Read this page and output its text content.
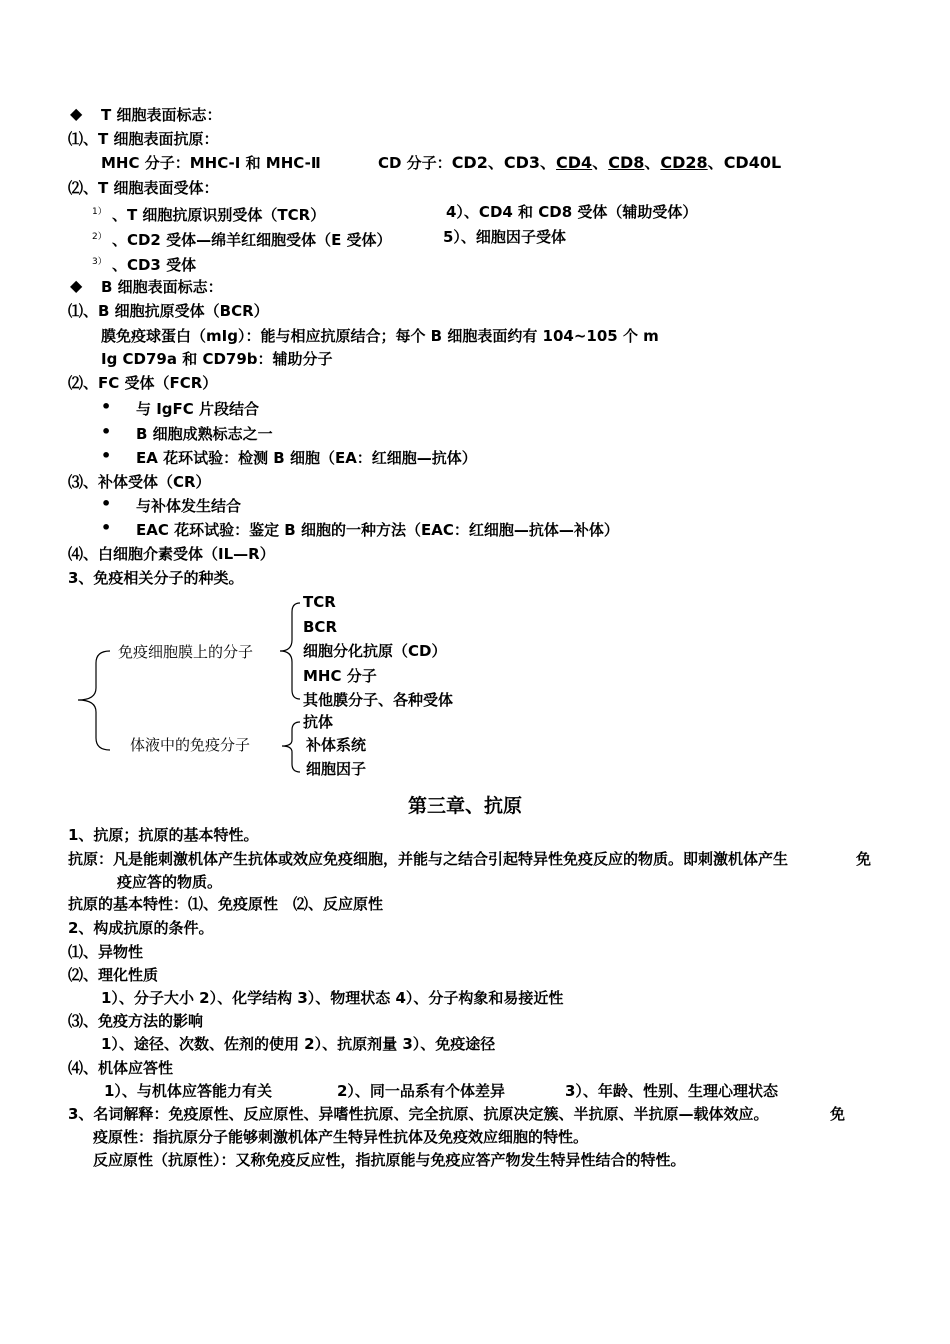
◆ T 细胞表面标志：
⑴、T 细胞表面抗原：
MHC 分子：MHC-Ⅰ 和 MHC-Ⅱ	CD 分子：CD2、CD3、CD4、CD8、CD28、CD40L
⑵、T 细胞表面受体：
$^{1)}$ 、T 细胞抗原识别受体（TCR）
$^{2)}$ 、CD2 受体—绵羊红细胞受体（E 受体）
$^{3)}$ 、CD3 受体
4）、CD4 和 CD8 受体（辅助受体）
5）、细胞因子受体
◆ B 细胞表面标志：
⑴、B 细胞抗原受体（BCR）
膜免疫球蛋白（mIg）：能与相应抗原结合；每个 B 细胞表面约有 104~105 个 m
Ig CD79a 和 CD79b：辅助分子
⑵、FC 受体（FCR）
• 与 IgFC 片段结合
• B 细胞成熟标志之一
• EA 花环试验：检测 B 细胞（EA：红细胞—抗体）
⑶、补体受体（CR）
• 与补体发生结合
• EAC 花环试验：鉴定 B 细胞的一种方法（EAC：红细胞—抗体—补体）
⑷、白细胞介素受体（IL—R）
3、免疫相关分子的种类。
免疫细胞膜上的分子
TCR
BCR
细胞分化抗原（CD）
MHC 分子
其他膜分子、各种受体
体液中的免疫分子
抗体
补体系统
细胞因子
第三章、抗原
1、抗原；抗原的基本特性。
抗原：凡是能刺激机体产生抗体或效应免疫细胞，并能与之结合引起特异性免疫反应的物质。即刺激机体产生	免
疫应答的物质。
抗原的基本特性：⑴、免疫原性　⑵、反应原性
2、构成抗原的条件。
⑴、异物性
⑵、理化性质
1）、分子大小 2）、化学结构 3）、物理状态 4）、分子构象和易接近性
⑶、免疫方法的影响
1）、途径、次数、佐剂的使用 2）、抗原剂量 3）、免疫途径
⑷、机体应答性
1）、与机体应答能力有关	2）、同一品系有个体差异	3）、年龄、性别、生理心理状态
3、名词解释：免疫原性、反应原性、异嗜性抗原、完全抗原、抗原决定簇、半抗原、半抗原—载体效应。	免
疫原性：指抗原分子能够刺激机体产生特异性抗体及免疫效应细胞的特性。
反应原性（抗原性）：又称免疫反应性，指抗原能与免疫应答产物发生特异性结合的特性。
